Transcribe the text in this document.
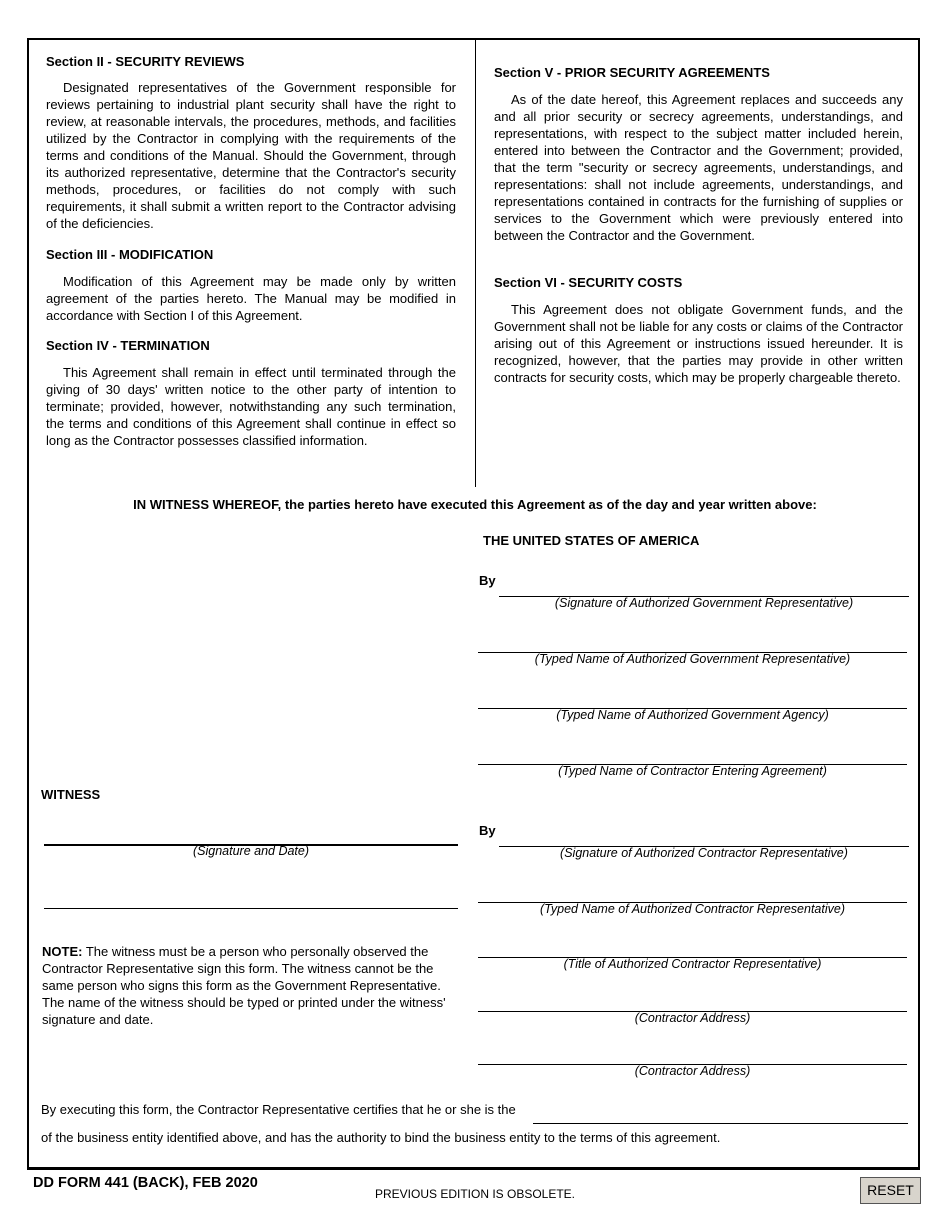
Section II - SECURITY REVIEWS

Designated representatives of the Government responsible for reviews pertaining to industrial plant security shall have the right to review, at reasonable intervals, the procedures, methods, and facilities utilized by the Contractor in complying with the requirements of the terms and conditions of the Manual. Should the Government, through its authorized representative, determine that the Contractor's security methods, procedures, or facilities do not comply with such requirements, it shall submit a written report to the Contractor advising of the deficiencies.

Section III - MODIFICATION

Modification of this Agreement may be made only by written agreement of the parties hereto. The Manual may be modified in accordance with Section I of this Agreement.

Section IV - TERMINATION

This Agreement shall remain in effect until terminated through the giving of 30 days' written notice to the other party of intention to terminate; provided, however, notwithstanding any such termination, the terms and conditions of this Agreement shall continue in effect so long as the Contractor possesses classified information.

Section V - PRIOR SECURITY AGREEMENTS

As of the date hereof, this Agreement replaces and succeeds any and all prior security or secrecy agreements, understandings, and representations, with respect to the subject matter included herein, entered into between the Contractor and the Government; provided, that the term "security or secrecy agreements, understandings, and representations: shall not include agreements, understandings, and representations contained in contracts for the furnishing of supplies or services to the Government which were previously entered into between the Contractor and the Government.

Section VI - SECURITY COSTS

This Agreement does not obligate Government funds, and the Government shall not be liable for any costs or claims of the Contractor arising out of this Agreement or instructions issued hereunder. It is recognized, however, that the parties may provide in other written contracts for security costs, which may be properly chargeable thereto.

IN WITNESS WHEREOF, the parties hereto have executed this Agreement as of the day and year written above:
THE UNITED STATES OF AMERICA
By
(Signature of Authorized Government Representative)
(Typed Name of Authorized Government Representative)
(Typed Name of Authorized Government Agency)
(Typed Name of Contractor Entering Agreement)
By
(Signature of Authorized Contractor Representative)
(Typed Name of Authorized Contractor Representative)
(Title of Authorized Contractor Representative)
(Contractor Address)
(Contractor Address)
WITNESS
(Signature and Date)
NOTE: The witness must be a person who personally observed the Contractor Representative sign this form. The witness cannot be the same person who signs this form as the Government Representative. The name of the witness should be typed or printed under the witness' signature and date.
By executing this form, the Contractor Representative certifies that he or she is the
of the business entity identified above, and has the authority to bind the business entity to the terms of this agreement.
DD FORM 441 (BACK), FEB 2020
PREVIOUS EDITION IS OBSOLETE.	RESET
